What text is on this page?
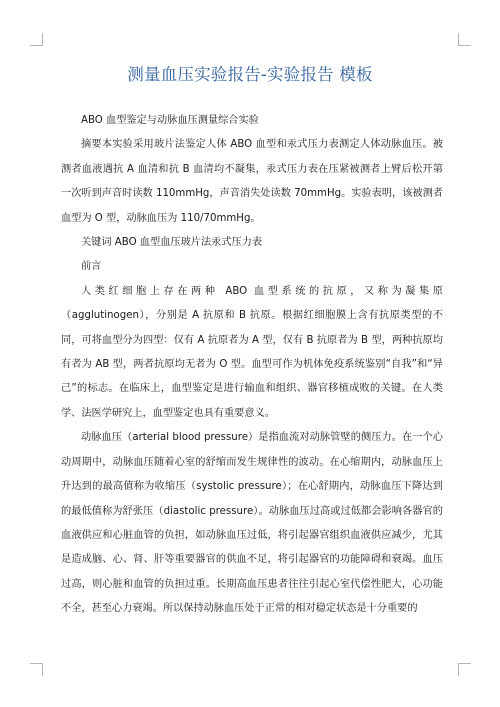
测量血压实验报告-实验报告 模板

ABO 血型鉴定与动脉血压测量综合实验

摘要本实验采用玻片法鉴定人体 ABO 血型和汞式压力表测定人体动脉血压。被测者血液遇抗 A 血清和抗 B 血清均不凝集，汞式压力表在压紧被测者上臂后松开第一次听到声音时读数 110mmHg，声音消失处读数 70mmHg。实验表明，该被测者血型为 O 型，动脉血压为 110/70mmHg。

关键词 ABO 血型血压玻片法汞式压力表

前言

人类红细胞上存在两种 ABO 血型系统的抗原，又称为凝集原（agglutinogen），分别是 A 抗原和 B 抗原。根据红细胞膜上含有抗原类型的不同，可将血型分为四型：仅有 A 抗原者为 A 型，仅有 B 抗原者为 B 型，两种抗原均有者为 AB 型，两者抗原均无者为 O 型。血型可作为机体免疫系统鉴别“自我”和“异己”的标志。在临床上，血型鉴定是进行输血和组织、器官移植成败的关键。在人类学、法医学研究上，血型鉴定也具有重要意义。

动脉血压（arterial blood pressure）是指血流对动脉管壁的侧压力。在一个心动周期中，动脉血压随着心室的舒缩而发生规律性的波动。在心缩期内，动脉血压上升达到的最高值称为收缩压（systolic pressure）；在心舒期内，动脉血压下降达到的最低值称为舒张压（diastolic pressure）。动脉血压过高或过低都会影响各器官的血液供应和心脏血管的负担，如动脉血压过低，将引起器官组织血液供应减少，尤其是造成脑、心、肾、肝等重要器官的供血不足，将引起器官的功能障碍和衰竭。血压过高，则心脏和血管的负担过重。长期高血压患者往往引起心室代偿性肥大，心功能不全，甚至心力衰竭。所以保持动脉血压处于正常的相对稳定状态是十分重要的
